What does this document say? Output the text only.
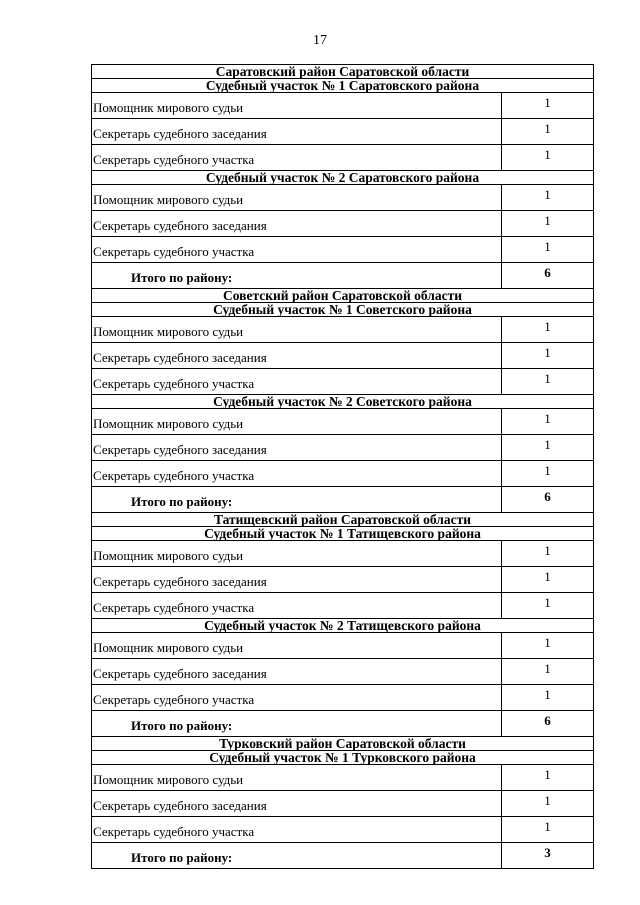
17
Саратовский район Саратовской области	
Судебный участок № 1 Саратовского района	
Помощник мирового судьи	1
Секретарь судебного заседания	1
Секретарь судебного участка	1
Судебный участок № 2 Саратовского района	
Помощник мирового судьи	1
Секретарь судебного заседания	1
Секретарь судебного участка	1
Итого по району:	6
Советский район Саратовской области	
Судебный участок № 1 Советского района	
Помощник мирового судьи	1
Секретарь судебного заседания	1
Секретарь судебного участка	1
Судебный участок № 2 Советского района	
Помощник мирового судьи	1
Секретарь судебного заседания	1
Секретарь судебного участка	1
Итого по району:	6
Татищевский район Саратовской области	
Судебный участок № 1 Татищевского района	
Помощник мирового судьи	1
Секретарь судебного заседания	1
Секретарь судебного участка	1
Судебный участок № 2 Татищевского района	
Помощник мирового судьи	1
Секретарь судебного заседания	1
Секретарь судебного участка	1
Итого по району:	6
Турковский район Саратовской области	
Судебный участок № 1 Турковского района	
Помощник мирового судьи	1
Секретарь судебного заседания	1
Секретарь судебного участка	1
Итого по району:	3
